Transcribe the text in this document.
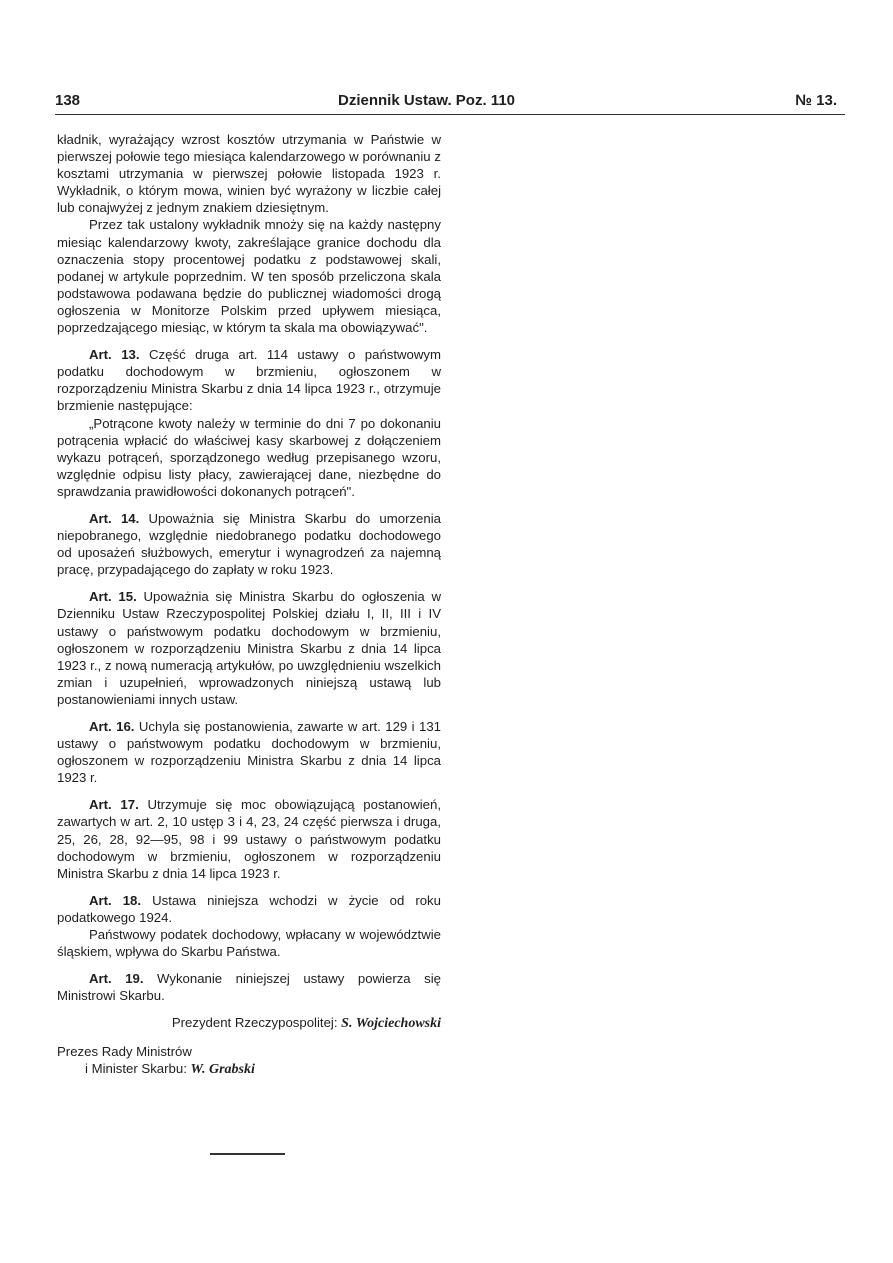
138	Dziennik Ustaw. Poz. 110	№ 13.

kładnik, wyrażający wzrost kosztów utrzymania w Państwie w pierwszej połowie tego miesiąca kalendarzowego w porównaniu z kosztami utrzymania w pierwszej połowie listopada 1923 r. Wykładnik, o którym mowa, winien być wyrażony w liczbie całej lub conajwyżej z jednym znakiem dziesiętnym.

Przez tak ustalony wykładnik mnoży się na każdy następny miesiąc kalendarzowy kwoty, zakreślające granice dochodu dla oznaczenia stopy procentowej podatku z podstawowej skali, podanej w artykule poprzednim. W ten sposób przeliczona skala podstawowa podawana będzie do publicznej wiadomości drogą ogłoszenia w Monitorze Polskim przed upływem miesiąca, poprzedzającego miesiąc, w którym ta skala ma obowiązywać".

Art. 13. Część druga art. 114 ustawy o państwowym podatku dochodowym w brzmieniu, ogłoszonem w rozporządzeniu Ministra Skarbu z dnia 14 lipca 1923 r., otrzymuje brzmienie następujące:

„Potrącone kwoty należy w terminie do dni 7 po dokonaniu potrącenia wpłacić do właściwej kasy skarbowej z dołączeniem wykazu potrąceń, sporządzonego według przepisanego wzoru, względnie odpisu listy płacy, zawierającej dane, niezbędne do sprawdzania prawidłowości dokonanych potrąceń".

Art. 14. Upoważnia się Ministra Skarbu do umorzenia niepobranego, względnie niedobranego podatku dochodowego od uposażeń służbowych, emerytur i wynagrodzeń za najemną pracę, przypadającego do zapłaty w roku 1923.

Art. 15. Upoważnia się Ministra Skarbu do ogłoszenia w Dzienniku Ustaw Rzeczypospolitej Polskiej działu I, II, III i IV ustawy o państwowym podatku dochodowym w brzmieniu, ogłoszonem w rozporządzeniu Ministra Skarbu z dnia 14 lipca 1923 r., z nową numeracją artykułów, po uwzględnieniu wszelkich zmian i uzupełnień, wprowadzonych niniejszą ustawą lub postanowieniami innych ustaw.

Art. 16. Uchyla się postanowienia, zawarte w art. 129 i 131 ustawy o państwowym podatku dochodowym w brzmieniu, ogłoszonem w rozporządzeniu Ministra Skarbu z dnia 14 lipca 1923 r.

Art. 17. Utrzymuje się moc obowiązującą postanowień, zawartych w art. 2, 10 ustęp 3 i 4, 23, 24 część pierwsza i druga, 25, 26, 28, 92—95, 98 i 99 ustawy o państwowym podatku dochodowym w brzmieniu, ogłoszonem w rozporządzeniu Ministra Skarbu z dnia 14 lipca 1923 r.

Art. 18. Ustawa niniejsza wchodzi w życie od roku podatkowego 1924.

Państwowy podatek dochodowy, wpłacany w województwie śląskiem, wpływa do Skarbu Państwa.

Art. 19. Wykonanie niniejszej ustawy powierza się Ministrowi Skarbu.

Prezydent Rzeczypospolitej: S. Wojciechowski

Prezes Rady Ministrów

i Minister Skarbu: W. Grabski
